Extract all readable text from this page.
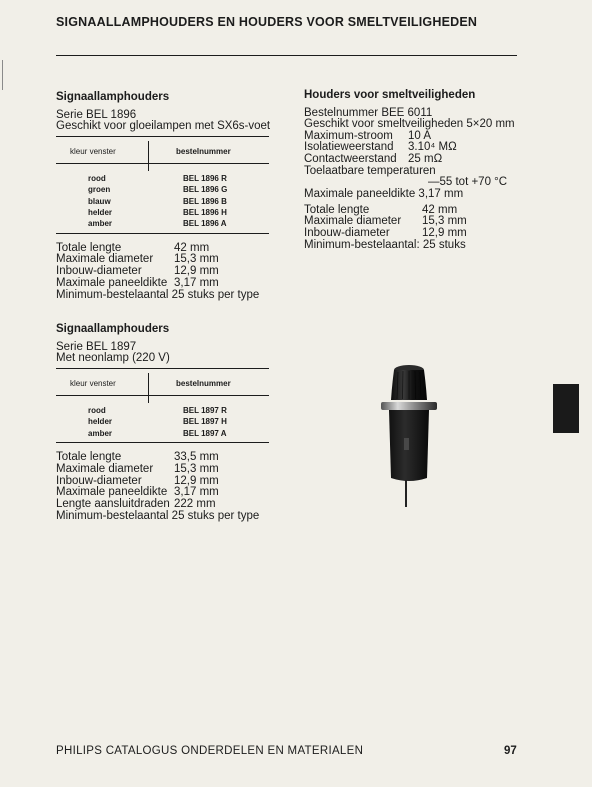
SIGNAALLAMPHOUDERS EN HOUDERS VOOR SMELTVEILIGHEDEN
Signaallamphouders
Serie BEL 1896
Geschikt voor gloeilampen met SX6s-voet
kleur venster	bestelnummer
rood	BEL 1896 R
groen	BEL 1896 G
blauw	BEL 1896 B
helder	BEL 1896 H
amber	BEL 1896 A
Totale lengte	42 mm
Maximale diameter	15,3 mm
Inbouw-diameter	12,9 mm
Maximale paneeldikte	3,17 mm
Minimum-bestelaantal 25 stuks per type
Signaallamphouders
Serie BEL 1897
Met neonlamp (220 V)
kleur venster	bestelnummer
rood	BEL 1897 R
helder	BEL 1897 H
amber	BEL 1897 A
Totale lengte	33,5 mm
Maximale diameter	15,3 mm
Inbouw-diameter	12,9 mm
Maximale paneeldikte	3,17 mm
Lengte aansluitdraden	222 mm
Minimum-bestelaantal 25 stuks per type
Houders voor smeltveiligheden
Bestelnummer BEE 6011
Geschikt voor smeltveiligheden 5×20 mm
Maximum-stroom	10 A
Isolatieweerstand	3.10⁴ MΩ
Contactweerstand	25 mΩ
Toelaatbare temperaturen
—55 tot +70 °C
Maximale paneeldikte 3,17 mm
Totale lengte	42 mm
Maximale diameter	15,3 mm
Inbouw-diameter	12,9 mm
Minimum-bestelaantal: 25 stuks
PHILIPS CATALOGUS ONDERDELEN EN MATERIALEN	97
